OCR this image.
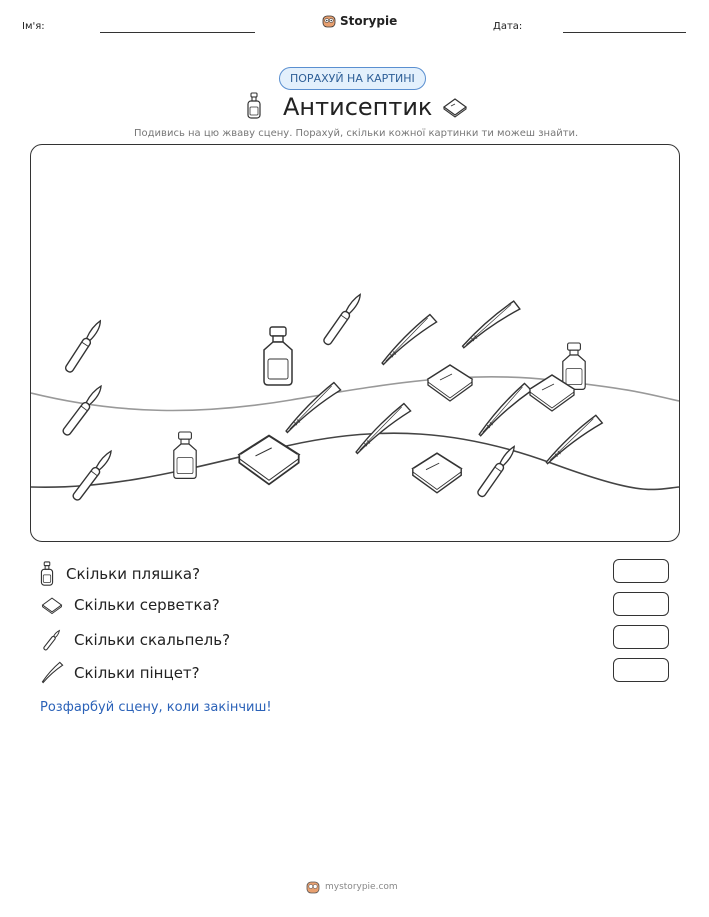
Ім'я:	Storypie	Дата:
ПОРАХУЙ НА КАРТИНІ
Антисептик
Подивись на цю жваву сцену. Порахуй, скільки кожної картинки ти можеш знайти.
Скільки пляшка?
Скільки серветка?
Скільки скальпель?
Скільки пінцет?
Розфарбуй сцену, коли закінчиш!
mystorypie.com
